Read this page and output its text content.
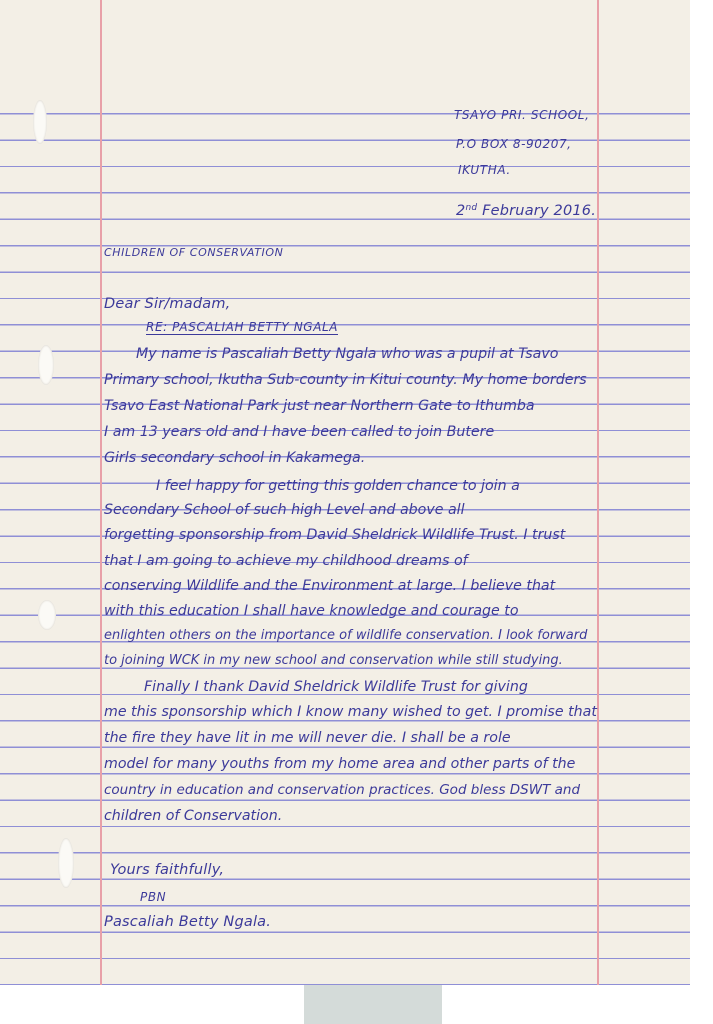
TSAYO PRI. SCHOOL,
P.O BOX 8-90207,
IKUTHA.
2nd February 2016.
CHILDREN OF CONSERVATION
Dear Sir/madam,
RE: PASCALIAH BETTY NGALA
My name is Pascaliah Betty Ngala who was a pupil at Tsavo
Primary school, Ikutha Sub-county in Kitui county. My home borders
Tsavo East National Park just near Northern Gate to Ithumba
I am 13 years old and I have been called to join Butere
Girls secondary school in Kakamega.
I feel happy for getting this golden chance to join a
Secondary School of such high Level and above all
forgetting sponsorship from David Sheldrick Wildlife Trust. I trust
that I am going to achieve my childhood dreams of
conserving Wildlife and the Environment at large. I believe that
with this education I shall have knowledge and courage to
enlighten others on the importance of wildlife conservation. I look forward
to joining WCK in my new school and conservation while still studying.
Finally I thank David Sheldrick Wildlife Trust for giving
me this sponsorship which I know many wished to get. I promise that
the fire they have lit in me will never die. I shall be a role
model for many youths from my home area and other parts of the
country in education and conservation practices. God bless DSWT and
children of Conservation.
Yours faithfully,
PBN
Pascaliah Betty Ngala.
